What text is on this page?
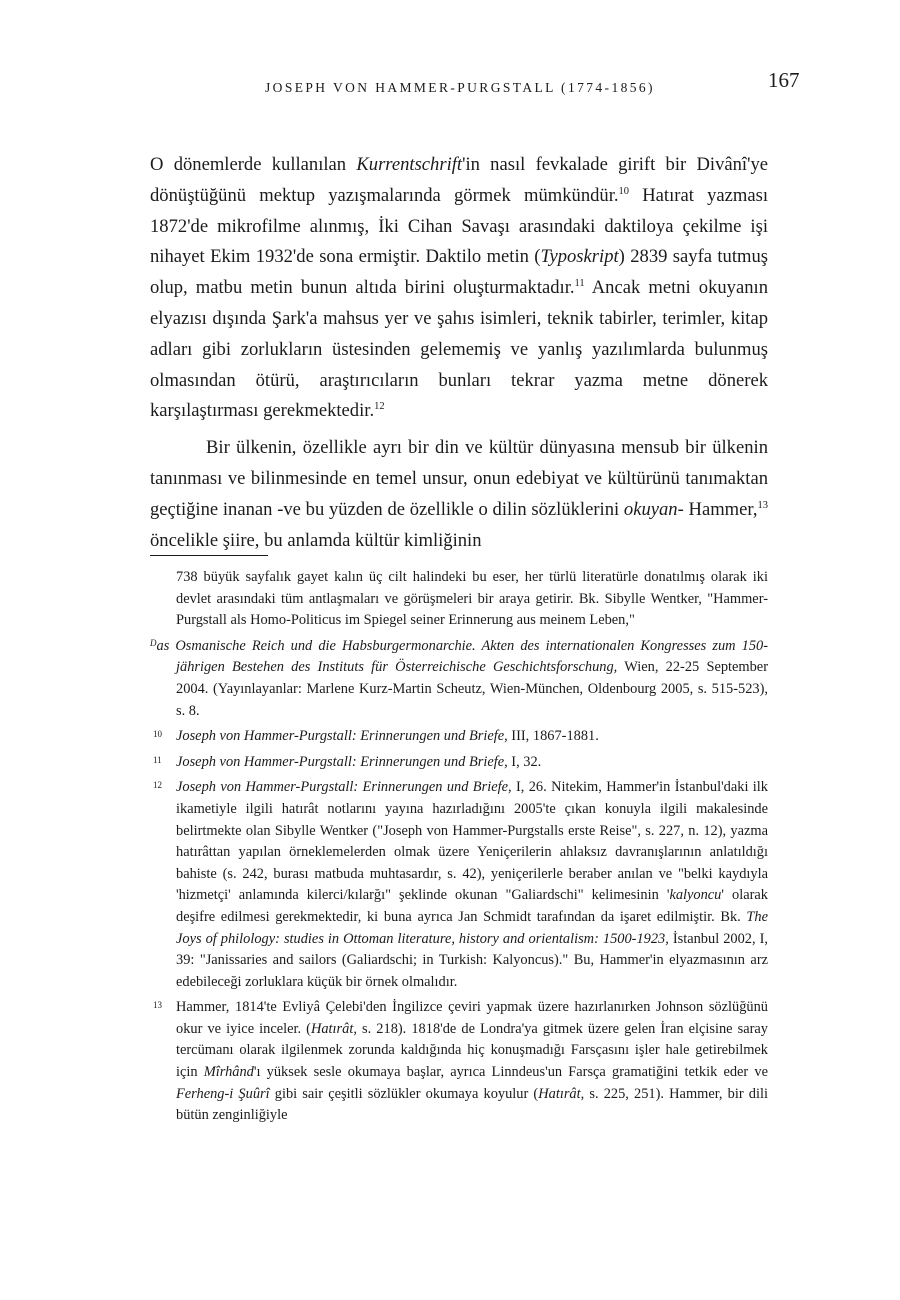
JOSEPH VON HAMMER-PURGSTALL (1774-1856)	167

O dönemlerde kullanılan Kurrentschrift'in nasıl fevkalade girift bir Divânî'ye dönüştüğünü mektup yazışmalarında görmek mümkündür.$^{10}$ Hatırat yazması 1872'de mikrofilme alınmış, İki Cihan Savaşı arasındaki daktiloya çekilme işi nihayet Ekim 1932'de sona ermiştir. Daktilo metin (Typoskript) 2839 sayfa tutmuş olup, matbu metin bunun altıda birini oluşturmaktadır.$^{11}$ Ancak metni okuyanın elyazısı dışında Şark'a mahsus yer ve şahıs isimleri, teknik tabirler, terimler, kitap adları gibi zorlukların üstesinden gelememiş ve yanlış yazılımlarda bulunmuş olmasından ötürü, araştırıcıların bunları tekrar yazma metne dönerek karşılaştırması gerekmektedir.$^{12}$

Bir ülkenin, özellikle ayrı bir din ve kültür dünyasına mensub bir ülkenin tanınması ve bilinmesinde en temel unsur, onun edebiyat ve kültürünü tanımaktan geçtiğine inanan -ve bu yüzden de özellikle o dilin sözlüklerini okuyan- Hammer,$^{13}$ öncelikle şiire, bu anlamda kültür kimliğinin

738 büyük sayfalık gayet kalın üç cilt halindeki bu eser, her türlü literatürle donatılmış olarak iki devlet arasındaki tüm antlaşmaları ve görüşmeleri bir araya getirir. Bk. Sibylle Wentker, "Hammer-Purgstall als Homo-Politicus im Spiegel seiner Erinnerung aus meinem Leben,"

$^D$as Osmanische Reich und die Habsburgermonarchie. Akten des internationalen Kongresses zum 150-jährigen Bestehen des Instituts für Österreichische Geschichtsforschung, Wien, 22-25 September 2004. (Yayınlayanlar: Marlene Kurz-Martin Scheutz, Wien-München, Oldenbourg 2005, s. 515-523), s. 8.

10 Joseph von Hammer-Purgstall: Erinnerungen und Briefe, III, 1867-1881.

11 Joseph von Hammer-Purgstall: Erinnerungen und Briefe, I, 32.

12 Joseph von Hammer-Purgstall: Erinnerungen und Briefe, I, 26. Nitekim, Hammer'in İstanbul'daki ilk ikametiyle ilgili hatırât notlarını yayına hazırladığını 2005'te çıkan konuyla ilgili makalesinde belirtmekte olan Sibylle Wentker ("Joseph von Hammer-Purgstalls erste Reise", s. 227, n. 12), yazma hatırâttan yapılan örneklemelerden olmak üzere Yeniçerilerin ahlaksız davranışlarının anlatıldığı bahiste (s. 242, burası matbuda muhtasardır, s. 42), yeniçerilerle beraber anılan ve "belki kaydıyla 'hizmetçi' anlamında kilerci/kılarğı" şeklinde okunan "Galiardschi" kelimesinin 'kalyoncu' olarak deşifre edilmesi gerekmektedir, ki buna ayrıca Jan Schmidt tarafından da işaret edilmiştir. Bk. The Joys of philology: studies in Ottoman literature, history and orientalism: 1500-1923, İstanbul 2002, I, 39: "Janissaries and sailors (Galiardschi; in Turkish: Kalyoncus)." Bu, Hammer'in elyazmasının arz edebileceği zorluklara küçük bir örnek olmalıdır.

13 Hammer, 1814'te Evliyâ Çelebi'den İngilizce çeviri yapmak üzere hazırlanırken Johnson sözlüğünü okur ve iyice inceler. (Hatırât, s. 218). 1818'de de Londra'ya gitmek üzere gelen İran elçisine saray tercümanı olarak ilgilenmek zorunda kaldığında hiç konuşmadığı Farsçasını işler hale getirebilmek için Mîrhând'ı yüksek sesle okumaya başlar, ayrıca Linndeus'un Farsça gramatiğini tetkik eder ve Ferheng-i Şuûrî gibi sair çeşitli sözlükler okumaya koyulur (Hatırât, s. 225, 251). Hammer, bir dili bütün zenginliğiyle
